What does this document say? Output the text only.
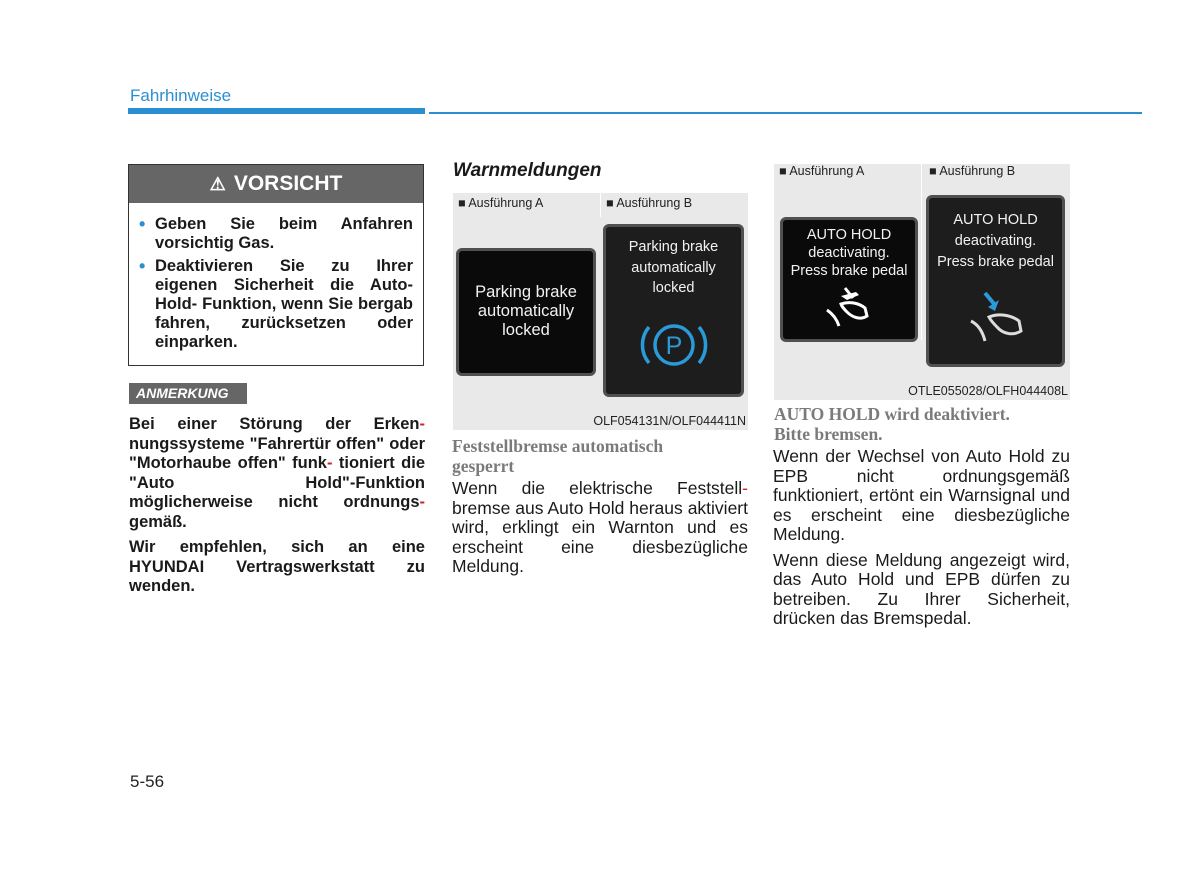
Fahrhinweise
⚠ VORSICHT
• Geben Sie beim Anfahren vorsichtig Gas.
• Deaktivieren Sie zu Ihrer eigenen Sicherheit die Auto-Hold- Funktion, wenn Sie bergab fahren, zurücksetzen oder einparken.
ANMERKUNG

Bei einer Störung der Erken- nungssysteme "Fahrertür offen" oder "Motorhaube offen" funk- tioniert die "Auto Hold"-Funktion möglicherweise nicht ordnungs- gemäß.

Wir empfehlen, sich an eine HYUNDAI Vertragswerkstatt zu wenden.

Warnmeldungen
■ Ausführung A	■ Ausführung B
Parking brake
automatically
locked
Parking brake
automatically
locked
P
OLF054131N/OLF044411N
Feststellbremse automatisch
gesperrt

Wenn die elektrische Feststell- bremse aus Auto Hold heraus aktiviert wird, erklingt ein Warnton und es erscheint eine diesbezügliche Meldung.

■ Ausführung A	■ Ausführung B
AUTO HOLD
deactivating.
Press brake pedal
AUTO HOLD
deactivating.
Press brake pedal
OTLE055028/OLFH044408L
AUTO HOLD wird deaktiviert.
Bitte bremsen.

Wenn der Wechsel von Auto Hold zu EPB nicht ordnungsgemäß funktioniert, ertönt ein Warnsignal und es erscheint eine diesbezügliche Meldung.

Wenn diese Meldung angezeigt wird, das Auto Hold und EPB dürfen zu betreiben. Zu Ihrer Sicherheit, drücken das Bremspedal.

5-56
